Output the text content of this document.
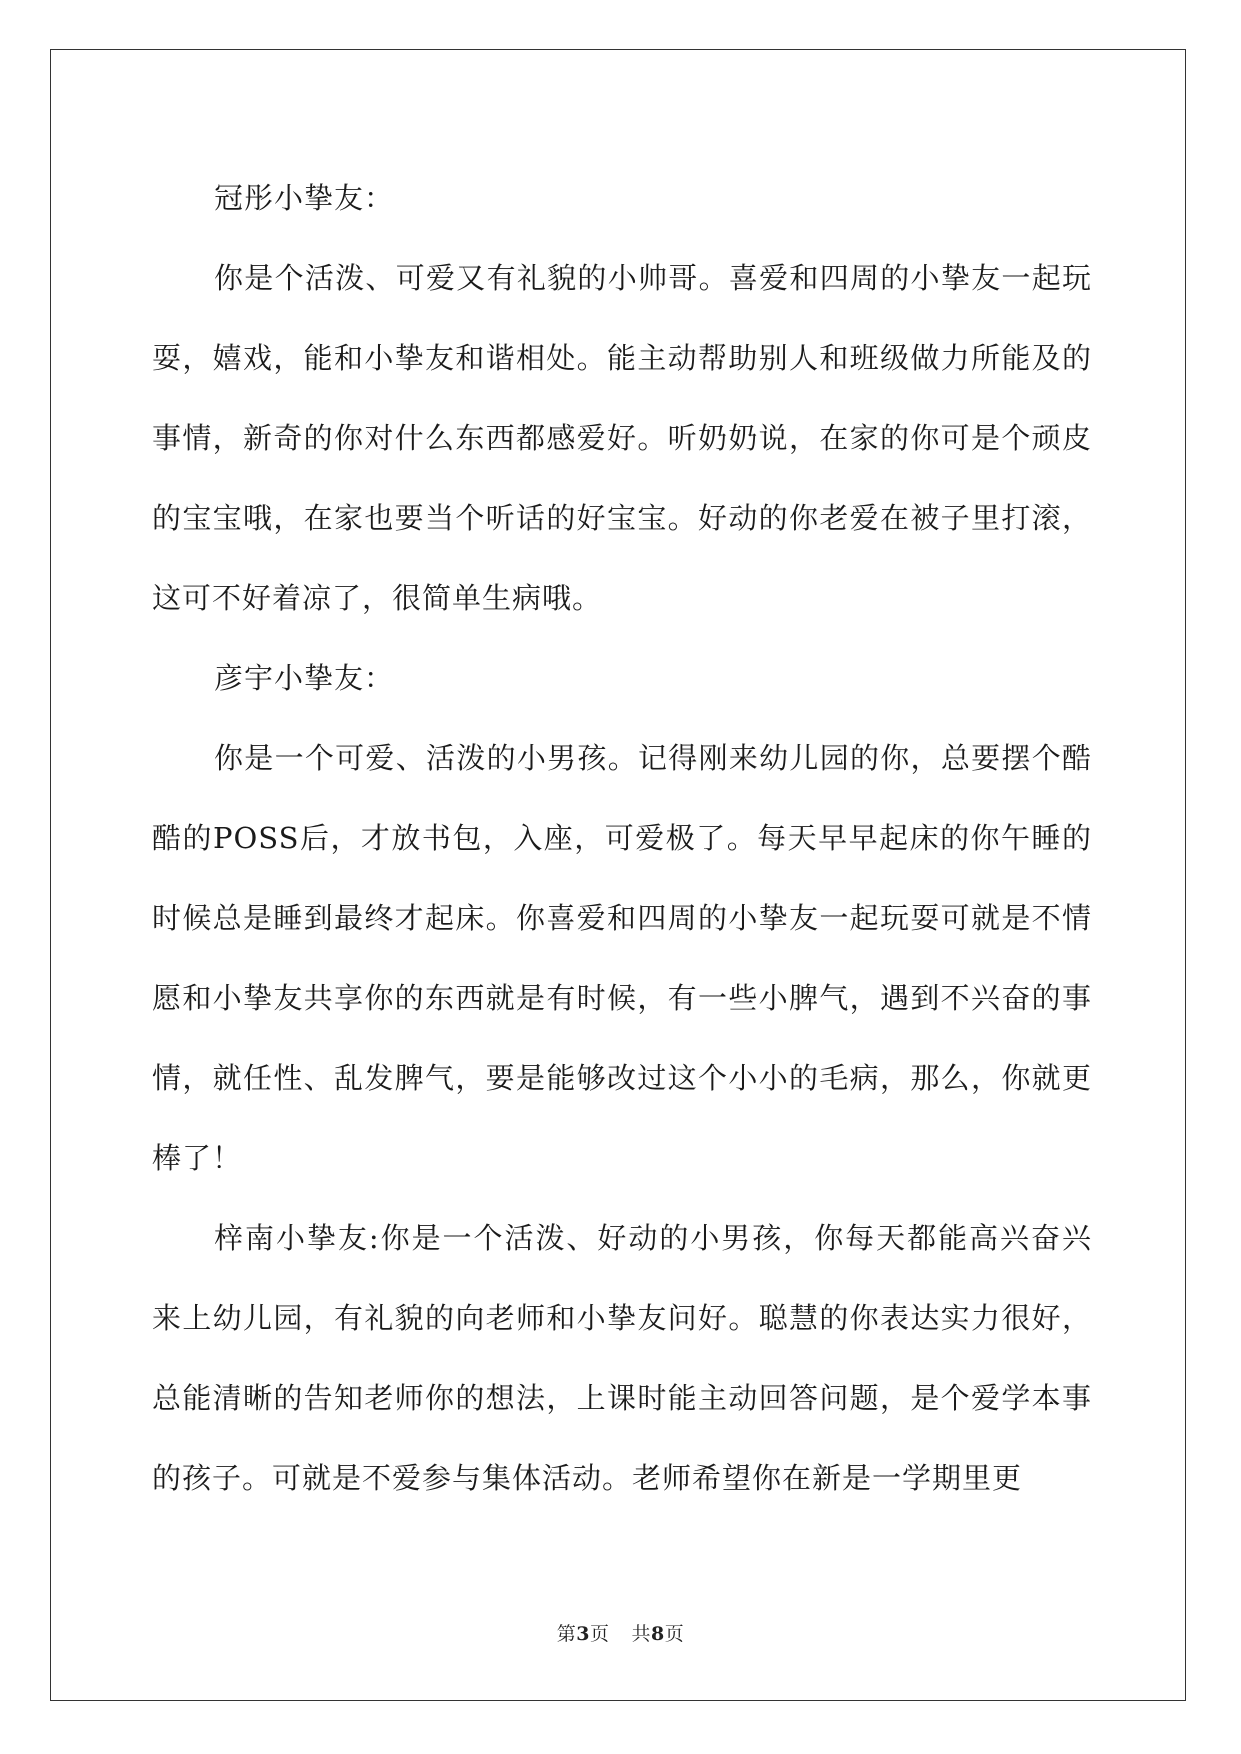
冠彤小挚友：

你是个活泼、可爱又有礼貌的小帅哥。喜爱和四周的小挚友一起玩耍，嬉戏，能和小挚友和谐相处。能主动帮助别人和班级做力所能及的事情，新奇的你对什么东西都感爱好。听奶奶说，在家的你可是个顽皮的宝宝哦，在家也要当个听话的好宝宝。好动的你老爱在被子里打滚，这可不好着凉了，很简单生病哦。

彦宇小挚友：

你是一个可爱、活泼的小男孩。记得刚来幼儿园的你，总要摆个酷酷的POSS后，才放书包，入座，可爱极了。每天早早起床的你午睡的时候总是睡到最终才起床。你喜爱和四周的小挚友一起玩耍可就是不情愿和小挚友共享你的东西就是有时候，有一些小脾气，遇到不兴奋的事情，就任性、乱发脾气，要是能够改过这个小小的毛病，那么，你就更棒了！

梓南小挚友:你是一个活泼、好动的小男孩，你每天都能高兴奋兴来上幼儿园，有礼貌的向老师和小挚友问好。聪慧的你表达实力很好，总能清晰的告知老师你的想法，上课时能主动回答问题，是个爱学本事的孩子。可就是不爱参与集体活动。老师希望你在新是一学期里更

第3页 共8页
